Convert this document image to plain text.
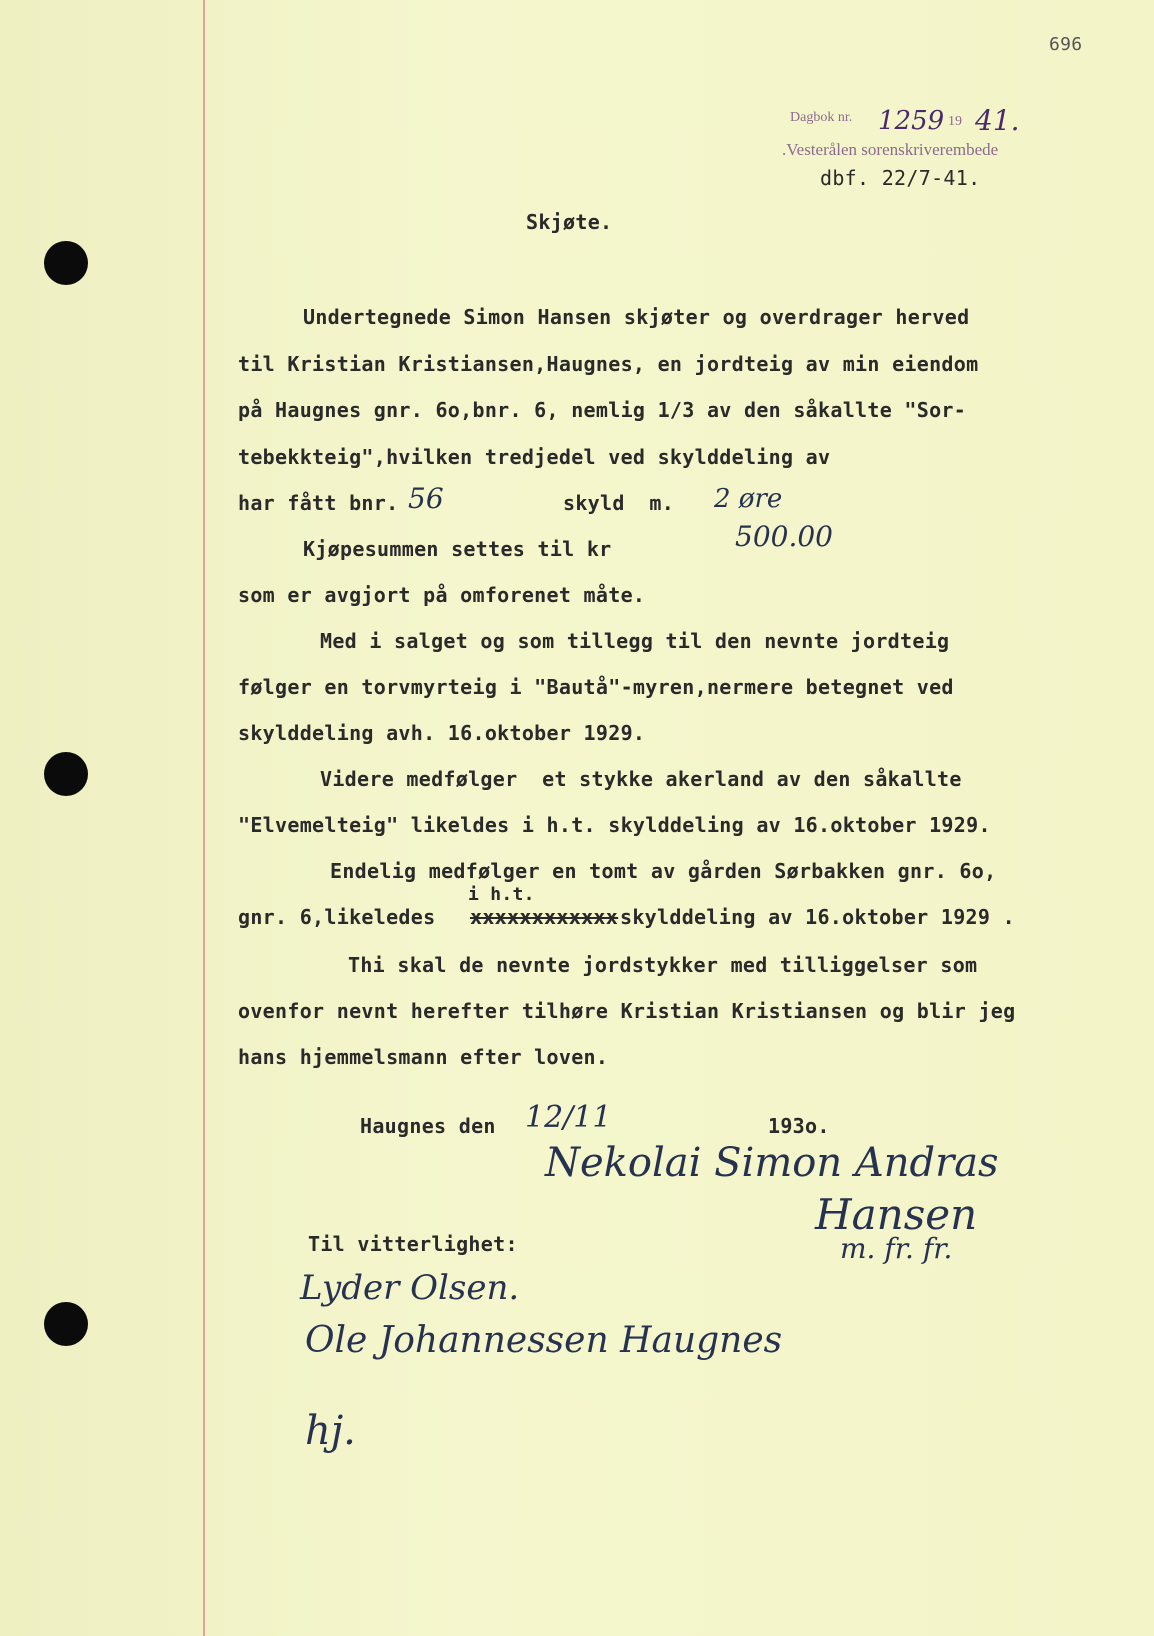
696
Dagbok nr. 1259 19 41.
.Vesterålen sorenskriverembede
dbf. 22/7-41.
Skjøte.
Undertegnede Simon Hansen skjøter og overdrager herved
til Kristian Kristiansen,Haugnes, en jordteig av min eiendom
på Haugnes gnr. 6o,bnr. 6, nemlig 1/3 av den såkallte "Sor-
tebekkteig",hvilken tredjedel ved skylddeling av
har fått bnr. 56	skyld  m. 2 øre
Kjøpesummen settes til kr	500.00
som er avgjort på omforenet måte.
Med i salget og som tillegg til den nevnte jordteig
følger en torvmyrteig i "Bautå"-myren,nermere betegnet ved
skylddeling avh. 16.oktober 1929.
Videre medfølger  et stykke akerland av den såkallte
"Elvemelteig" likeldes i h.t. skylddeling av 16.oktober 1929.
Endelig medfølger en tomt av gården Sørbakken gnr. 6o,
i h.t.
gnr. 6,likeledes xxxxxxxxxxxx skylddeling av 16.oktober 1929 .
Thi skal de nevnte jordstykker med tilliggelser som
ovenfor nevnt herefter tilhøre Kristian Kristiansen og blir jeg
hans hjemmelsmann efter loven.
Haugnes den 12/11	193o.
Nekolai Simon Andras
Hansen
m. fr. fr.
Til vitterlighet:
Lyder Olsen.
Ole Johannessen Haugnes
hj.
